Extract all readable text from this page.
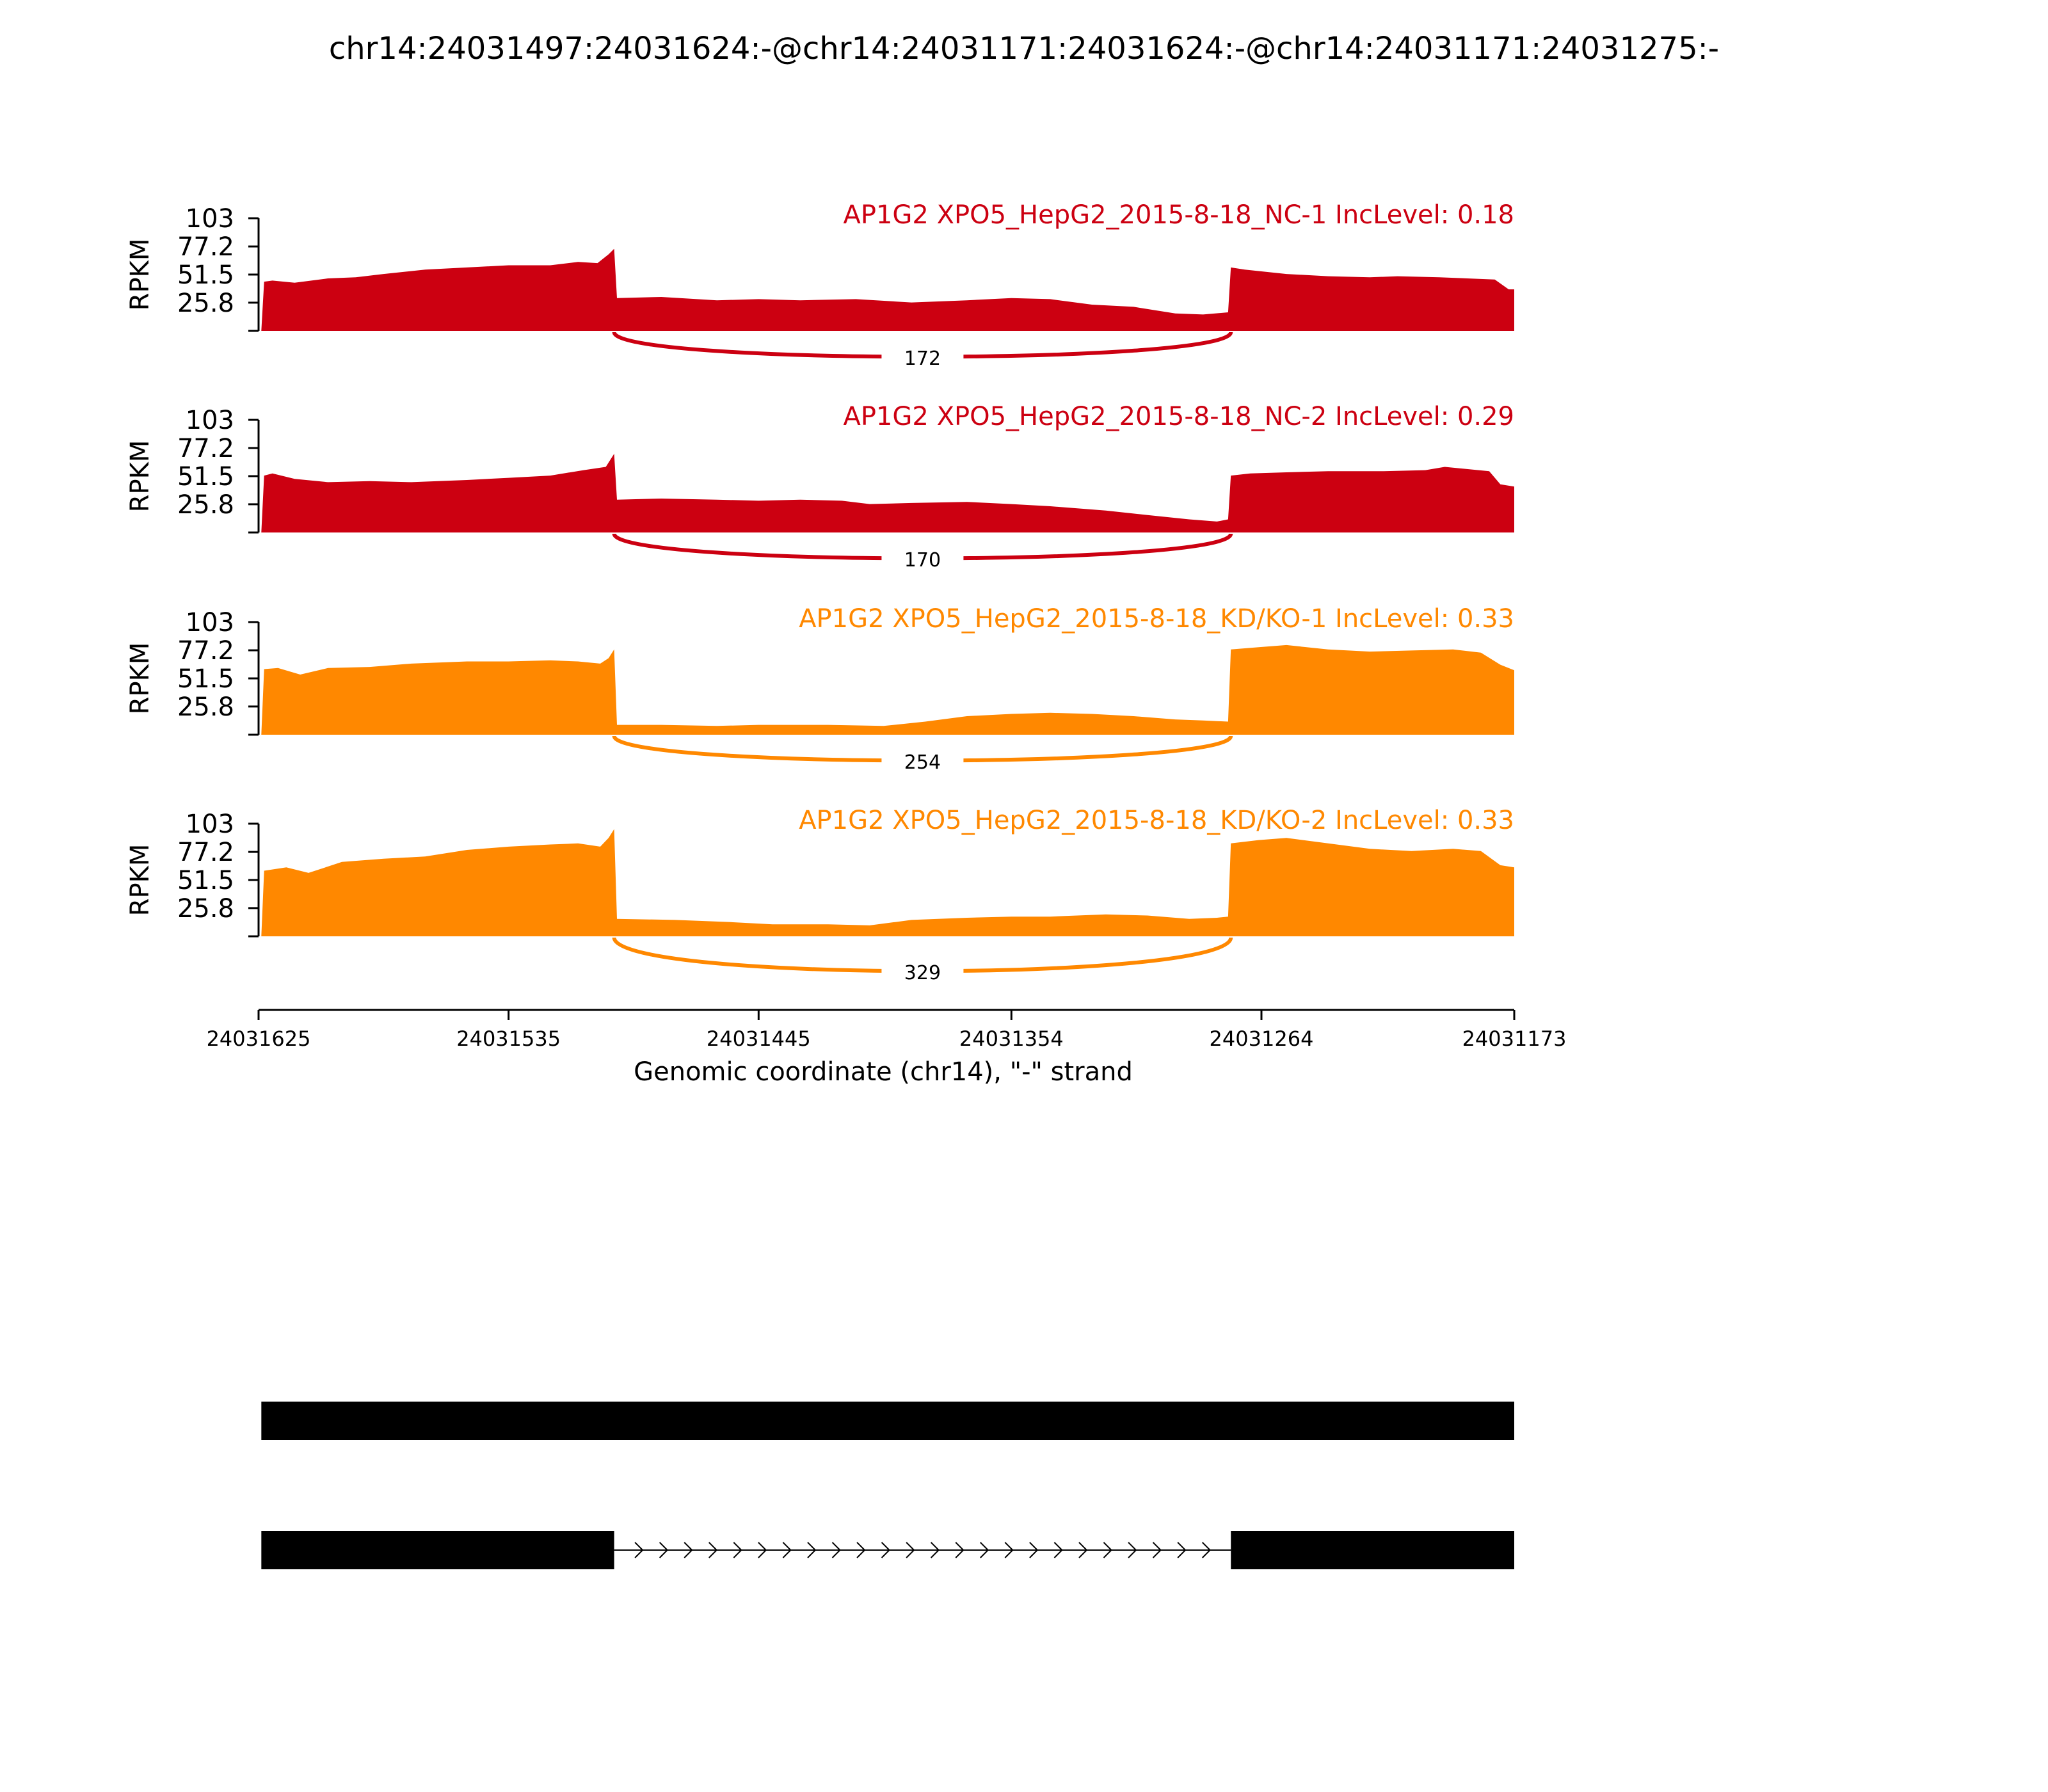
chr14:24031497:24031624:-@chr14:24031171:24031624:-@chr14:24031171:24031275:-
103
77.2
51.5
25.8
RPKM
AP1G2 XPO5_HepG2_2015-8-18_NC-1 IncLevel: 0.18
172
103
77.2
51.5
25.8
RPKM
AP1G2 XPO5_HepG2_2015-8-18_NC-2 IncLevel: 0.29
170
103
77.2
51.5
25.8
RPKM
AP1G2 XPO5_HepG2_2015-8-18_KD/KO-1 IncLevel: 0.33
254
103
77.2
51.5
25.8
RPKM
AP1G2 XPO5_HepG2_2015-8-18_KD/KO-2 IncLevel: 0.33
329
24031625	24031535	24031445	24031354	24031264	24031173
Genomic coordinate (chr14), "-" strand
